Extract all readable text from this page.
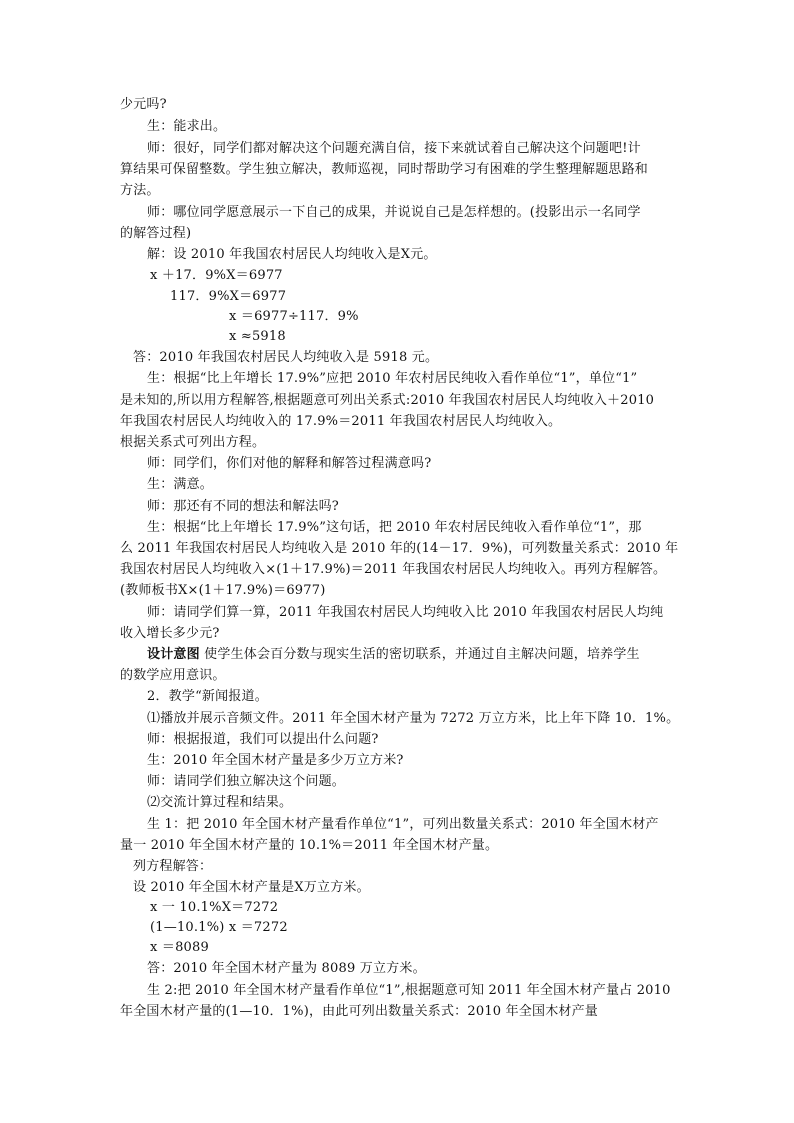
少元吗?
生：能求出。
师：很好，同学们都对解决这个问题充满自信，接下来就试着自己解决这个问题吧!计
算结果可保留整数。学生独立解决，教师巡视，同时帮助学习有困难的学生整理解题思路和
方法。
师：哪位同学愿意展示一下自己的成果，并说说自己是怎样想的。(投影出示一名同学
的解答过程)
解：设 2010 年我国农村居民人均纯收入是X元。
x ＋17．9%X＝6977
117．9%X＝6977
x ＝6977÷117．9%
x ≈5918
答：2010 年我国农村居民人均纯收入是 5918 元。
生：根据“比上年增长 17.9%”应把 2010 年农村居民纯收入看作单位“1”，单位“1”
是未知的,所以用方程解答,根据题意可列出关系式:2010 年我国农村居民人均纯收入＋2010
年我国农村居民人均纯收入的 17.9%＝2011 年我国农村居民人均纯收入。
根据关系式可列出方程。
师：同学们，你们对他的解释和解答过程满意吗?
生：满意。
师：那还有不同的想法和解法吗?
生：根据“比上年增长 17.9%”这句话，把 2010 年农村居民纯收入看作单位“1”，那
么 2011 年我国农村居民人均纯收入是 2010 年的(14－17．9%)，可列数量关系式：2010 年
我国农村居民人均纯收入×(1＋17.9%)＝2011 年我国农村居民人均纯收入。再列方程解答。
(教师板书X×(1＋17.9%)＝6977)
师：请同学们算一算，2011 年我国农村居民人均纯收入比 2010 年我国农村居民人均纯
收入增长多少元?
设计意图 使学生体会百分数与现实生活的密切联系，并通过自主解决问题，培养学生
的数学应用意识。
2．教学“新闻报道。
⑴播放并展示音频文件。2011 年全国木材产量为 7272 万立方米，比上年下降 10．1%。
师：根据报道，我们可以提出什么问题?
生：2010 年全国木材产量是多少万立方米?
师：请同学们独立解决这个问题。
⑵交流计算过程和结果。
生 1：把 2010 年全国木材产量看作单位“1”，可列出数量关系式：2010 年全国木材产
量一 2010 年全国木材产量的 10.1%＝2011 年全国木材产量。
列方程解答：
设 2010 年全国木材产量是X万立方米。
x 一 10.1%X＝7272
(1—10.1%) x ＝7272
x ＝8089
答：2010 年全国木材产量为 8089 万立方米。
生 2:把 2010 年全国木材产量看作单位“1”,根据题意可知 2011 年全国木材产量占 2010
年全国木材产量的(1—10．1%)，由此可列出数量关系式：2010 年全国木材产量
